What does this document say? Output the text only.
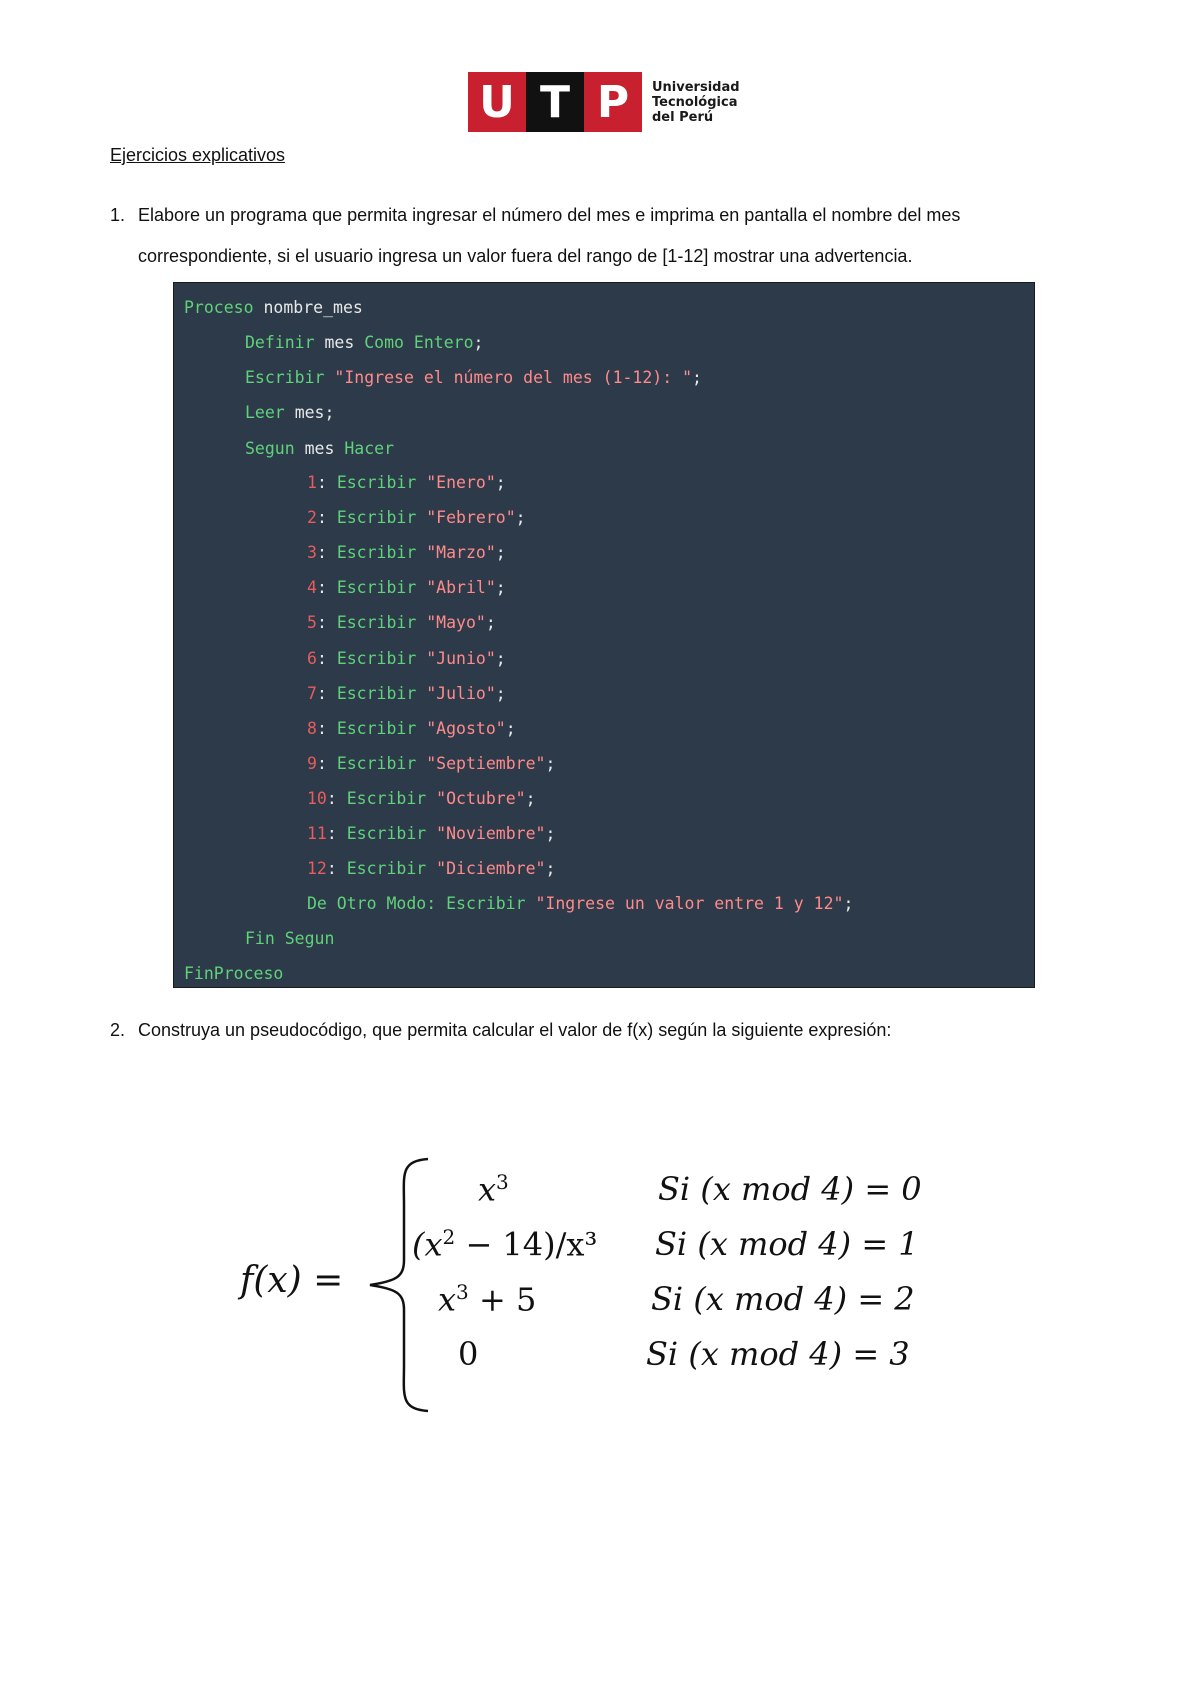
U T P	Universidad
Tecnológica
del Perú
Ejercicios explicativos
1. Elabore un programa que permita ingresar el número del mes e imprima en pantalla el nombre del mes
correspondiente, si el usuario ingresa un valor fuera del rango de [1-12] mostrar una advertencia.
Proceso nombre_mes
Definir mes Como Entero;
Escribir "Ingrese el número del mes (1-12): ";
Leer mes;
Segun mes Hacer
1: Escribir "Enero";
2: Escribir "Febrero";
3: Escribir "Marzo";
4: Escribir "Abril";
5: Escribir "Mayo";
6: Escribir "Junio";
7: Escribir "Julio";
8: Escribir "Agosto";
9: Escribir "Septiembre";
10: Escribir "Octubre";
11: Escribir "Noviembre";
12: Escribir "Diciembre";
De Otro Modo: Escribir "Ingrese un valor entre 1 y 12";
Fin Segun
FinProceso
2. Construya un pseudocódigo, que permita calcular el valor de f(x) según la siguiente expresión:
f(x) =
$x^3$	Si (x mod 4) = 0
$(x^2 - 14)/x^3$ Si (x mod 4) = 1
$x^3 + 5$	Si (x mod 4) = 2
0	Si (x mod 4) = 3
